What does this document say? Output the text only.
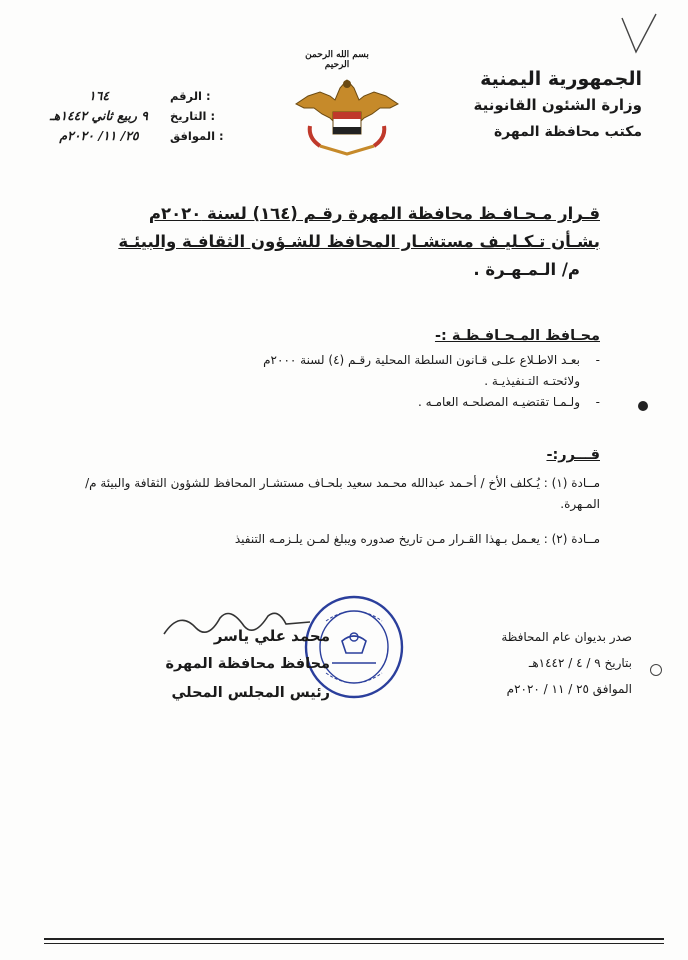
الجمهورية اليمنية
وزارة الشئون القانونية
مكتب محافظة المهرة
بسم الله الرحمن الرحيم
الرقم :
١٦٤
التاريخ :
٩ ربيع ثاني ١٤٤٢هـ
الموافق :
٢٥/ ١١/ ٢٠٢٠م
قـرار مـحـافـظ محافظة المهرة رقـم (١٦٤) لسنة ٢٠٢٠م
بشـأن تـكـليـف مستشـار المحافظ للشـؤون الثقافـة والبيئـة
م/ الـمـهـرة .
محـافظ المـحـافـظـة :-
-
بعـد الاطـلاع علـى قـانون السلطة المحلية رقـم (٤) لسنة ٢٠٠٠م
ولائحتـه التـنفيذيـة .
-
ولـمـا تقتضيـه المصلحـه العامـه .
قـــرر:-
مــادة (١) : يُـكلف الأخ / أحـمد عبدالله محـمد سعيد بلحـاف مستشـار المحافظ للشؤون الثقافة والبيئة م/ المـهرة.
مــادة (٢) : يعـمل بـهذا القـرار مـن تاريخ صدوره ويبلغ لمـن يلـزمـه التنفيذ
صدر بديوان عام المحافظة
بتاريخ ٩ / ٤ / ١٤٤٢هـ
الموافق ٢٥ / ١١ / ٢٠٢٠م
محمد علي ياسر
محافظ محافظة المهرة
رئيس المجلس المحلي
